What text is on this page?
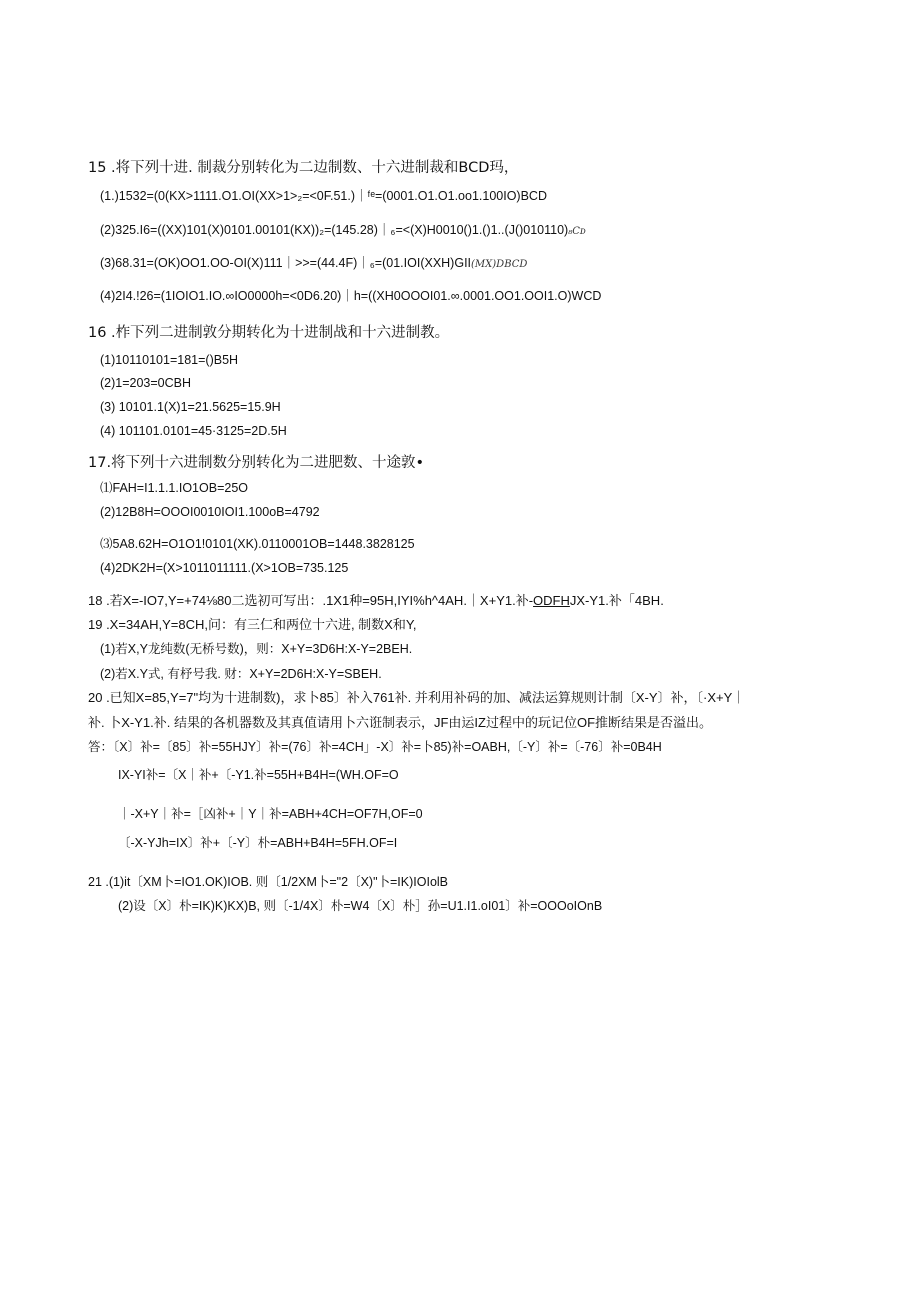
15 .将下列十进. 制裁分别转化为二边制数、十六进制裁和BCD玛，
(1.)1532=(0(KX>1111.O1.OI(XX>1>₂=<0F.51.)｜ᶠᵉ=(0001.O1.O1.oo1.100IO)BCD
(2)325.I6=((XX)101(X)0101.00101(KX))₂=(145.28)｜₆=<(X)H0010()1.()1..(J()010110)₈Cᴅ
(3)68.31=(OK)OO1.OO-OI(X)111｜>>=(44.4F)｜₆=(01.IOI(XXH)GII(MX)DBCD
(4)2I4.!26=(1IOIO1.IO.∞IO0000h=<0D6.20)｜h=((XH0OOOI01.∞.0001.OO1.OOI1.O)WCD
16 .柞下列二进制敦分期转化为十进制战和十六进制教。
(1)10110101=181=()B5H
(2)1=203=0CBH
(3) 10101.1(X)1=21.5625=15.9H
(4) 101101.0101=45·3125=2D.5H
17.将下列十六进制数分别转化为二进肥数、十途敦•
⑴FAH=I1.1.1.IO1OB=25O
(2)12B8H=OOOI0010IOI1.100oB=4792
⑶5A8.62H=O1O1!0101(XK).0110001OB=1448.3828125
(4)2DK2H=(X>1011011111.(X>1OB=735.125
18 .若X=-IO7,Y=+74⅛80二选初可写出：.1X1种=95H,IYI%h^4AH.｜X+Y1.补-ODFHJX-Y1.补「4BH.
19 .X=34AH,Y=8CH,问：有三仁和两位十六进, 制数X和Y,
(1)若X,Y龙纯数(无桥号数)，则：X+Y=3D6H:X-Y=2BEH.
(2)若X.Y式, 有杼号我. 财：X+Y=2D6H:X-Y=SBEH.
20 .已知X=85,Y=7"均为十进制数)，求卜85〕补入761补. 并利用补码的加、减法运算规则计制〔X-Y〕补，〔·X+Y｜
补. 卜X-Y1.补. 结果的各机器数及其真值请用卜六诳制表示，JF由运IZ过程中的玩记位OF推断结果是否溢出。
答：〔X〕补=〔85〕补=55HJY〕补=(76〕补=4CH」-X〕补=卜85)补=OABH,〔-Y〕补=〔-76〕补=0B4H
IX-YI补=〔X｜补+〔-Y1.补=55H+B4H=(WH.OF=O
｜-X+Y｜补=［凶补+｜Y｜补=ABH+4CH=OF7H,OF=0
〔-X-YJh=IX〕补+〔-Y〕朴=ABH+B4H=5FH.OF=I
21 .(1)it〔XM卜=IO1.OK)IOB. 则〔1/2XM卜="2〔X)"卜=IK)IOIolB
(2)设〔X〕朴=IK)K)KX)B, 则〔-1/4X〕朴=W4〔X〕朴］孙=U1.I1.oI01〕补=OOOoIOnB
